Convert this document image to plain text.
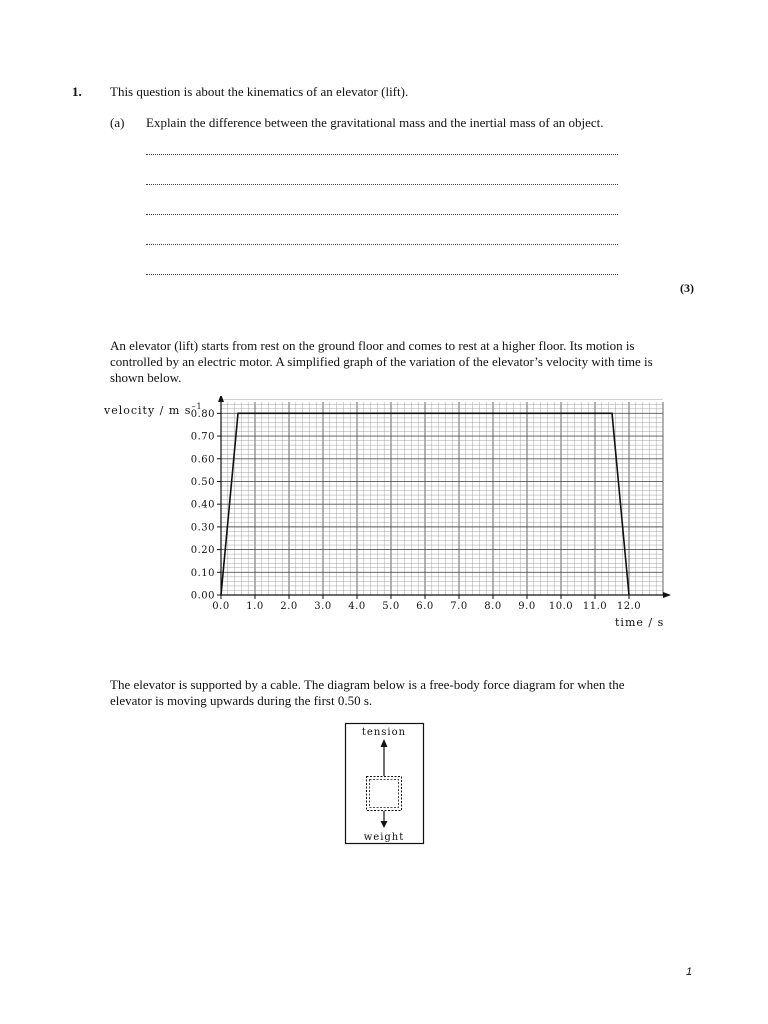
1. This question is about the kinematics of an elevator (lift).
(a) Explain the difference between the gravitational mass and the inertial mass of an object.
(3)
An elevator (lift) starts from rest on the ground floor and comes to rest at a higher floor. Its motion is controlled by an electric motor. A simplified graph of the variation of the elevator’s velocity with time is shown below.
0.00
0.10
0.20
0.30
0.40
0.50
0.60
0.70
0.80
0.0 1.0 2.0 3.0 4.0 5.0 6.0 7.0 8.0 9.0 10.0 11.0 12.0
velocity / m $s^{-1}$
time / s
The elevator is supported by a cable. The diagram below is a free-body force diagram for when the elevator is moving upwards during the first 0.50 s.
tension
weight
1
